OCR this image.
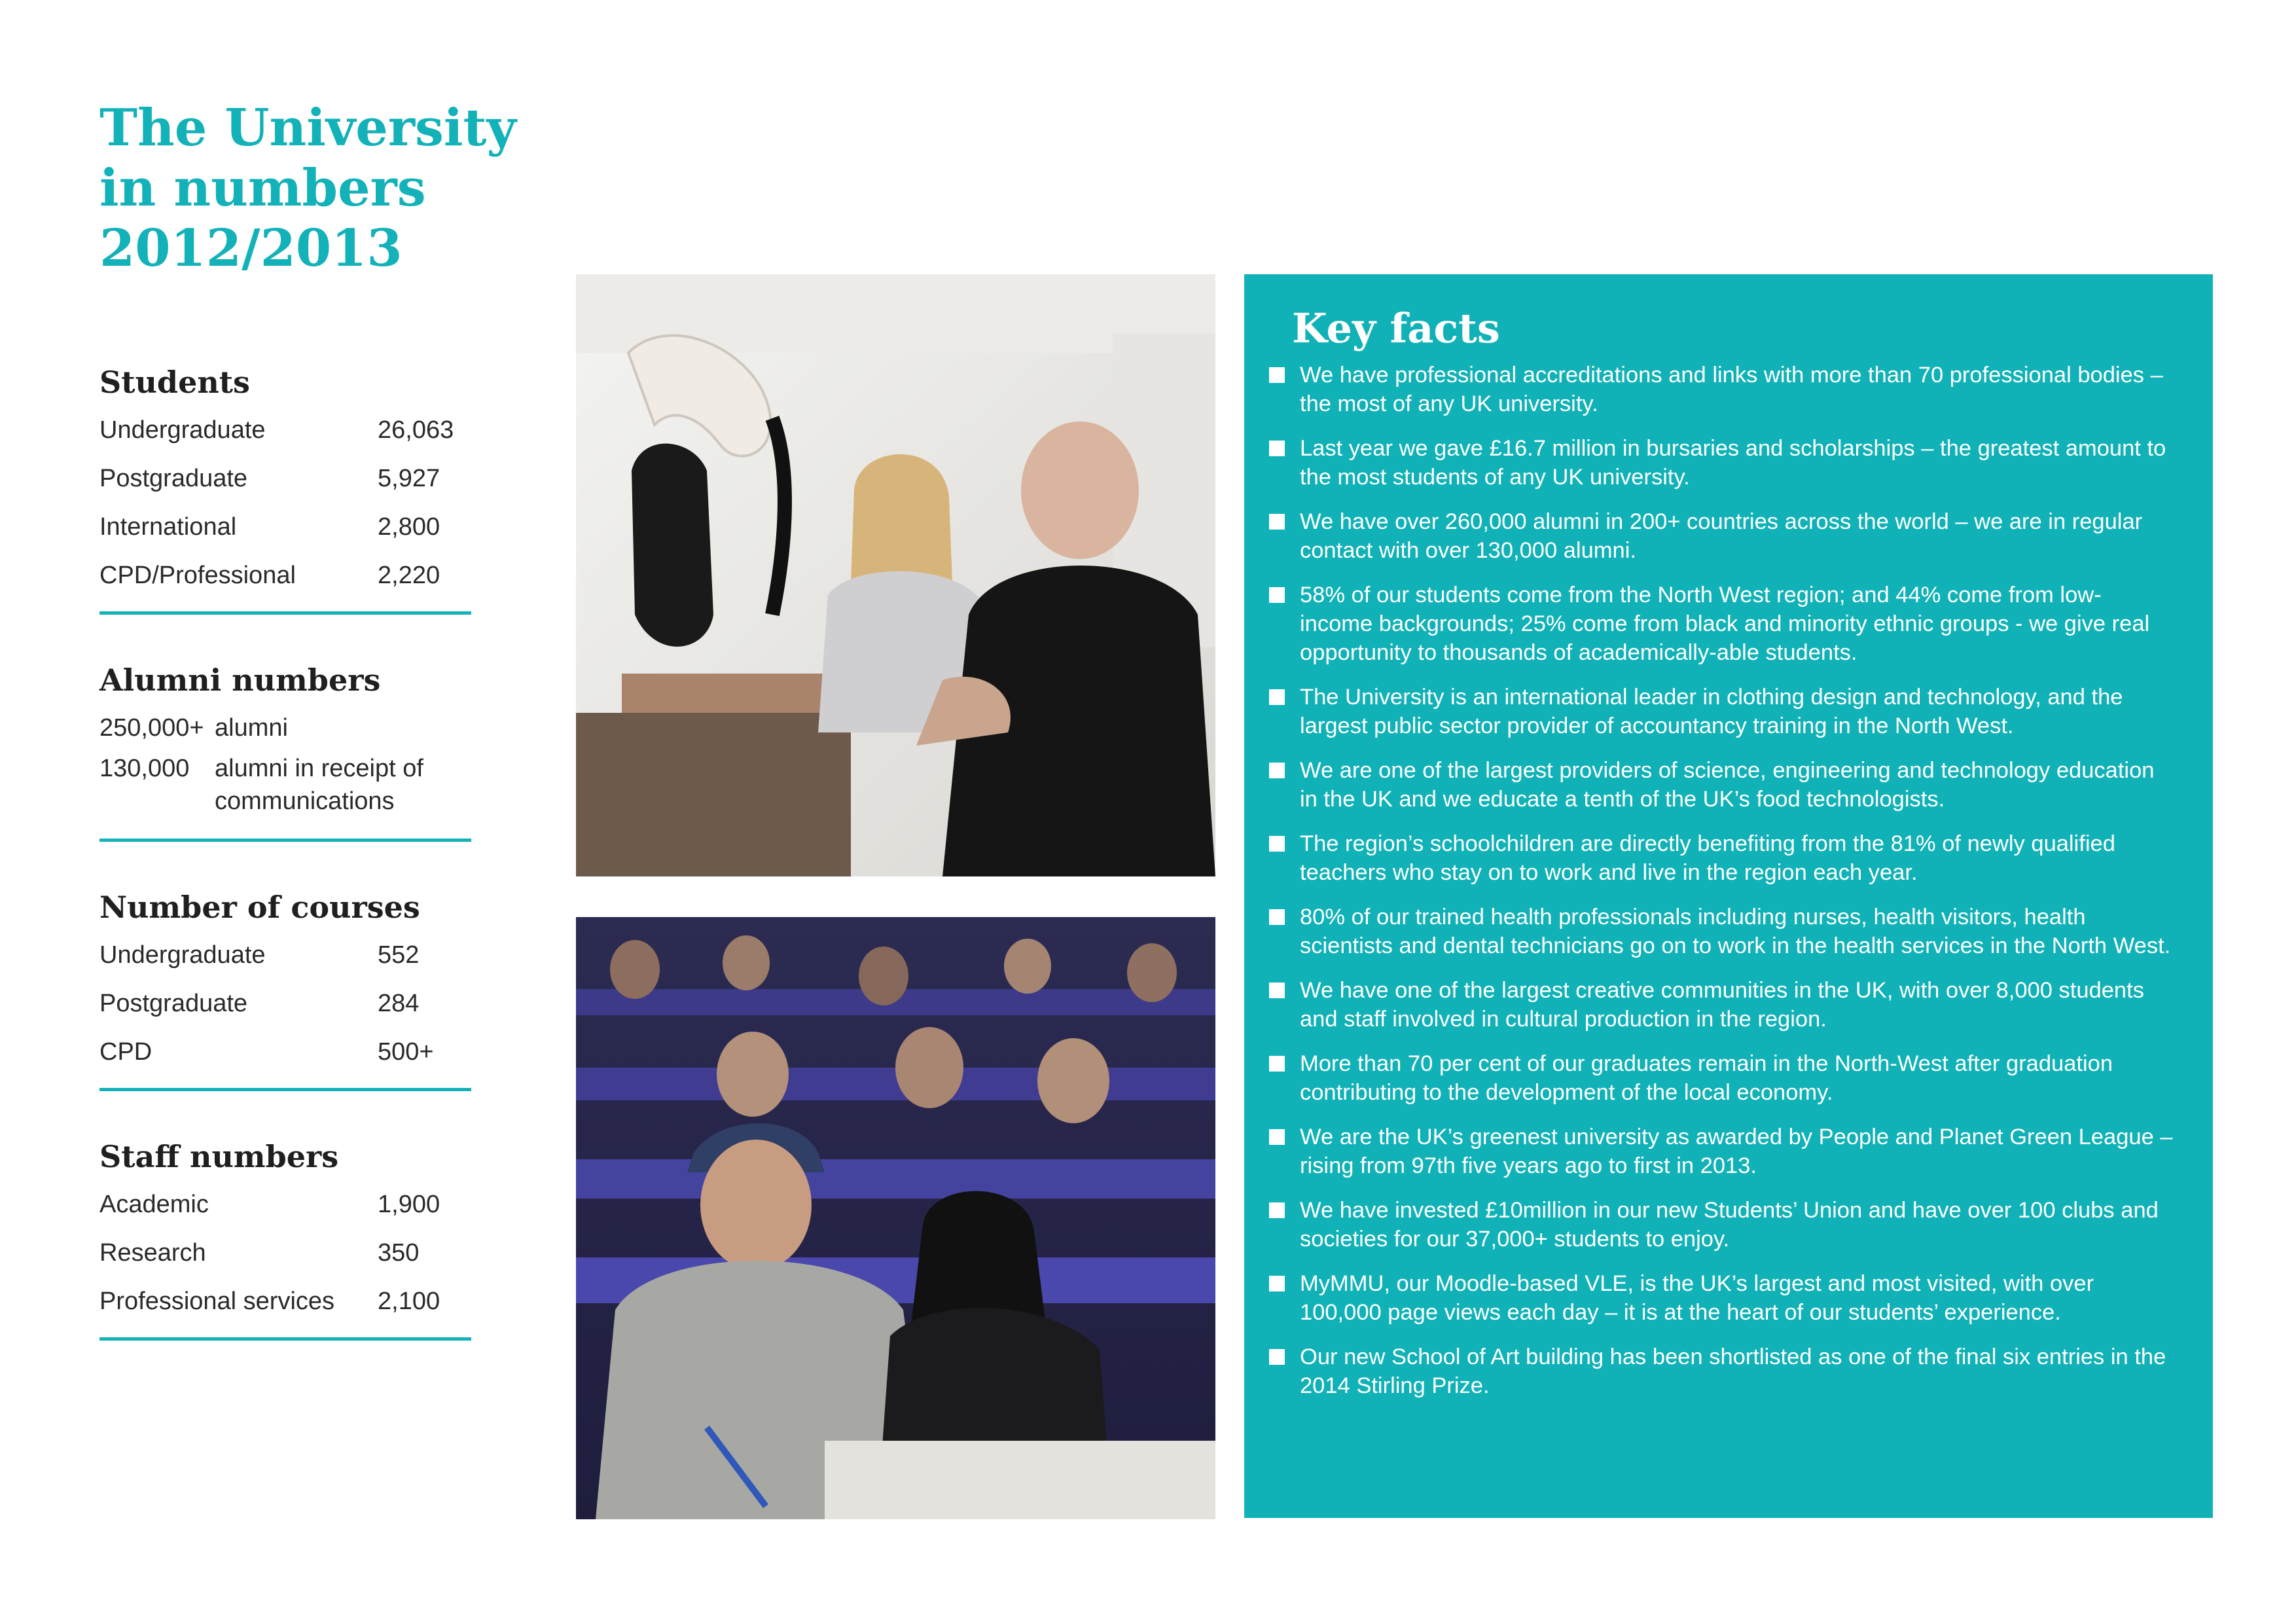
The University
in numbers
2012/2013
Students
Undergraduate	26,063
Postgraduate	5,927
International	2,800
CPD/Professional	2,220
Alumni numbers
250,000+ alumni
130,000	alumni in receipt of communications
Number of courses
Undergraduate	552
Postgraduate	284
CPD	500+
Staff numbers
Academic	1,900
Research	350
Professional services	2,100
Key facts
We have professional accreditations and links with more than 70 professional bodies – the most of any UK university.
Last year we gave £16.7 million in bursaries and scholarships – the greatest amount to the most students of any UK university.
We have over 260,000 alumni in 200+ countries across the world – we are in regular contact with over 130,000 alumni.
58% of our students come from the North West region; and 44% come from low-income backgrounds; 25% come from black and minority ethnic groups - we give real opportunity to thousands of academically-able students.
The University is an international leader in clothing design and technology, and the largest public sector provider of accountancy training in the North West.
We are one of the largest providers of science, engineering and technology education in the UK and we educate a tenth of the UK’s food technologists.
The region’s schoolchildren are directly benefiting from the 81% of newly qualified teachers who stay on to work and live in the region each year.
80% of our trained health professionals including nurses, health visitors, health scientists and dental technicians go on to work in the health services in the North West.
We have one of the largest creative communities in the UK, with over 8,000 students and staff involved in cultural production in the region.
More than 70 per cent of our graduates remain in the North-West after graduation contributing to the development of the local economy.
We are the UK’s greenest university as awarded by People and Planet Green League – rising from 97th five years ago to first in 2013.
We have invested £10million in our new Students’ Union and have over 100 clubs and societies for our 37,000+ students to enjoy.
MyMMU, our Moodle-based VLE, is the UK’s largest and most visited, with over 100,000 page views each day – it is at the heart of our students’ experience.
Our new School of Art building has been shortlisted as one of the final six entries in the 2014 Stirling Prize.
